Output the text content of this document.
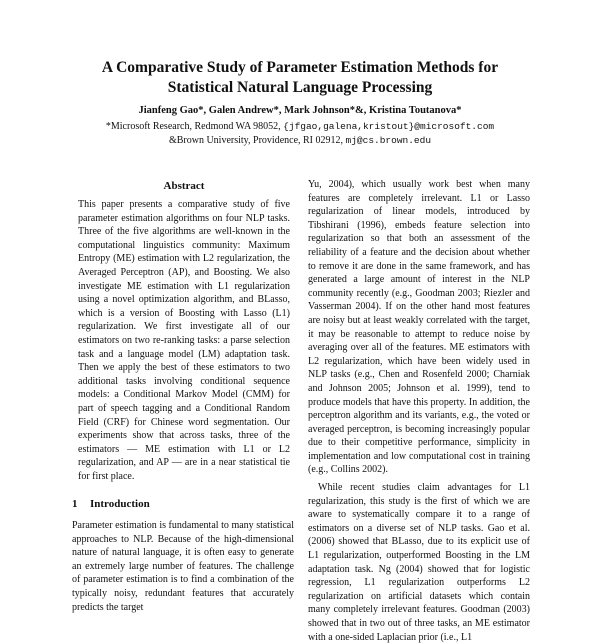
A Comparative Study of Parameter Estimation Methods for
Statistical Natural Language Processing
Jianfeng Gao*, Galen Andrew*, Mark Johnson*&, Kristina Toutanova*
*Microsoft Research, Redmond WA 98052, {jfgao,galena,kristout}@microsoft.com
&Brown University, Providence, RI 02912, mj@cs.brown.edu
Abstract

This paper presents a comparative study of five parameter estimation algorithms on four NLP tasks. Three of the five algorithms are well-known in the computational linguistics community: Maximum Entropy (ME) estimation with L2 regularization, the Averaged Perceptron (AP), and Boosting. We also investigate ME estimation with L1 regularization using a novel optimization algorithm, and BLasso, which is a version of Boosting with Lasso (L1) regularization. We first investigate all of our estimators on two re-ranking tasks: a parse selection task and a language model (LM) adaptation task. Then we apply the best of these estimators to two additional tasks involving conditional sequence models: a Conditional Markov Model (CMM) for part of speech tagging and a Conditional Random Field (CRF) for Chinese word segmentation. Our experiments show that across tasks, three of the estimators — ME estimation with L1 or L2 regularization, and AP — are in a near statistical tie for first place.

1 Introduction

Parameter estimation is fundamental to many statistical approaches to NLP. Because of the high-dimensional nature of natural language, it is often easy to generate an extremely large number of features. The challenge of parameter estimation is to find a combination of the typically noisy, redundant features that accurately predicts the target

Yu, 2004), which usually work best when many features are completely irrelevant. L1 or Lasso regularization of linear models, introduced by Tibshirani (1996), embeds feature selection into regularization so that both an assessment of the reliability of a feature and the decision about whether to remove it are done in the same framework, and has generated a large amount of interest in the NLP community recently (e.g., Goodman 2003; Riezler and Vasserman 2004). If on the other hand most features are noisy but at least weakly correlated with the target, it may be reasonable to attempt to reduce noise by averaging over all of the features. ME estimators with L2 regularization, which have been widely used in NLP tasks (e.g., Chen and Rosenfeld 2000; Charniak and Johnson 2005; Johnson et al. 1999), tend to produce models that have this property. In addition, the perceptron algorithm and its variants, e.g., the voted or averaged perceptron, is becoming increasingly popular due to their competitive performance, simplicity in implementation and low computational cost in training (e.g., Collins 2002).

While recent studies claim advantages for L1 regularization, this study is the first of which we are aware to systematically compare it to a range of estimators on a diverse set of NLP tasks. Gao et al. (2006) showed that BLasso, due to its explicit use of L1 regularization, outperformed Boosting in the LM adaptation task. Ng (2004) showed that for logistic regression, L1 regularization outperforms L2 regularization on artificial datasets which contain many completely irrelevant features. Goodman (2003) showed that in two out of three tasks, an ME estimator with a one-sided Laplacian prior (i.e., L1
